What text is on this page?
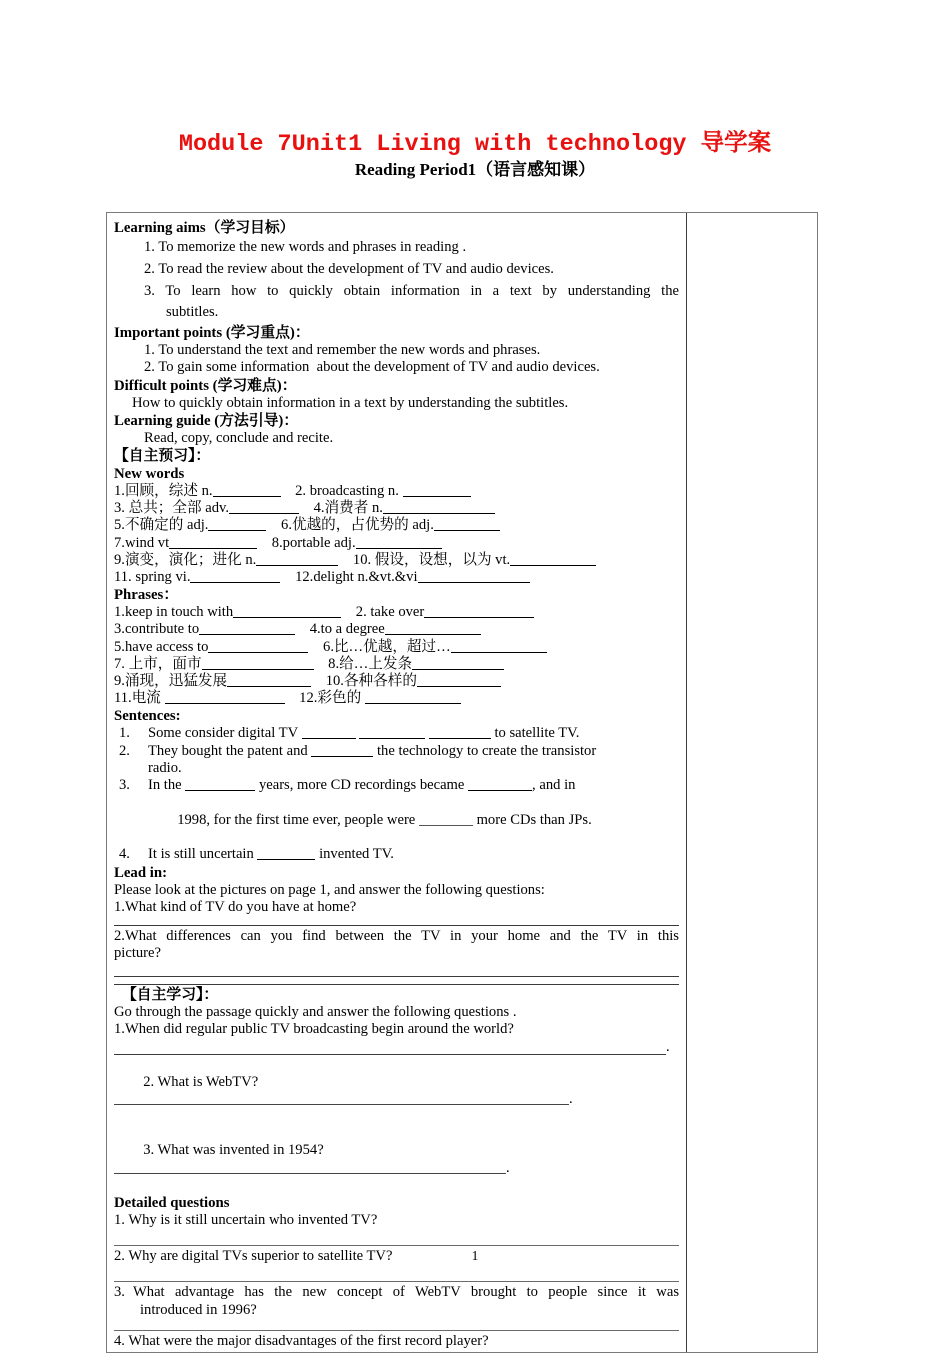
Module 7Unit1 Living with technology 导学案
Reading Period1（语言感知课）
Learning aims（学习目标）
1. To memorize the new words and phrases in reading .
2. To read the review about the development of TV and audio devices.
3. To learn how to quickly obtain information in a text by understanding the
subtitles.
Important points (学习重点)：
1. To understand the text and remember the new words and phrases.
2. To gain some information  about the development of TV and audio devices.
Difficult points (学习难点)：
How to quickly obtain information in a text by understanding the subtitles.
Learning guide (方法引导)：
Read, copy, conclude and recite.
【自主预习】：
New words
1.回顾，综述 n.	2. broadcasting n.
3. 总共；全部 adv.	4.消费者 n.
5.不确定的 adj.	6.优越的，占优势的 adj.
7.wind vt	8.portable adj.
9.演变，演化；进化 n.	10. 假设，设想，以为 vt.
11. spring vi.	12.delight n.&vt.&vi
Phrases：
1.keep in touch with	2. take over
3.contribute to	4.to a degree
5.have access to	6.比…优越，超过…
7. 上市，面市	8.给…上发条
9.涌现，迅猛发展	10.各种各样的
11.电流	12.彩色的
Sentences:
1. Some consider digital TV	to satellite TV.
2. They bought the patent and	the technology to create the transistor
radio.
3. In the	years, more CD recordings became	, and in

1998, for the first time ever, people were	more CDs than JPs.

4. It is still uncertain	invented TV.
Lead in:
Please look at the pictures on page 1, and answer the following questions:
1.What kind of TV do you have at home?
2.What differences can you find between the TV in your home and the TV in this
picture?
【自主学习】：
Go through the passage quickly and answer the following questions .
1.When did regular public TV broadcasting begin around the world?
.

2. What is WebTV? .

3. What was invented in 1954? .

Detailed questions
1. Why is it still uncertain who invented TV?
2. Why are digital TVs superior to satellite TV?
3. What advantage has the new concept of WebTV brought to people since it was
introduced in 1996?
4. What were the major disadvantages of the first record player?
1
